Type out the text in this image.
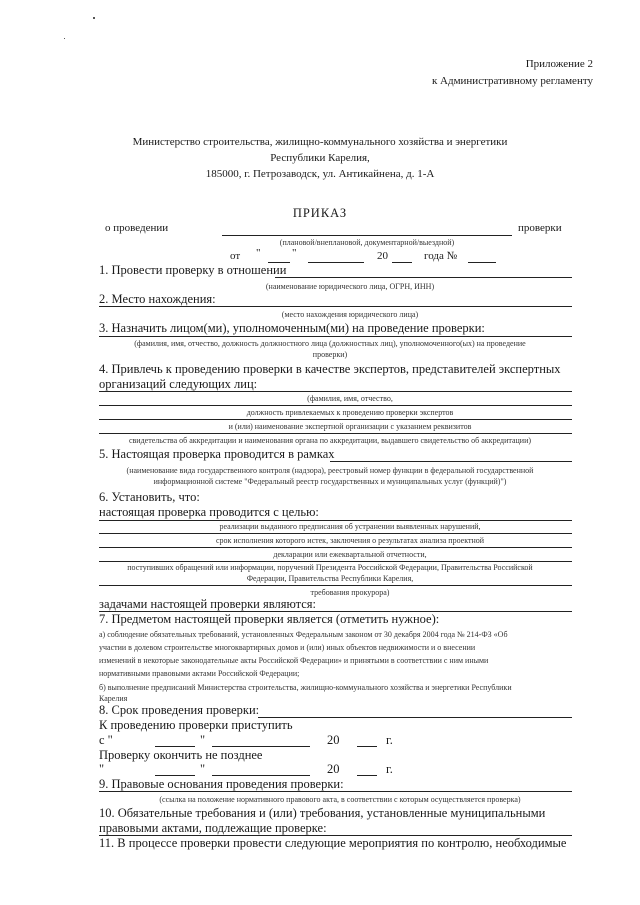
Приложение 2
к Административному регламенту
Министерство строительства, жилищно-коммунального хозяйства и энергетики
Республики Карелия,
185000, г. Петрозаводск, ул. Антикайнена, д. 1-А
ПРИКАЗ
о проведении	проверки
(плановой/внеплановой, документарной/выездной)
от "	"	20	года №
1. Провести проверку в отношении
(наименование юридического лица, ОГРН, ИНН)
2. Место нахождения:
(место нахождения юридического лица)
3. Назначить лицом(ми), уполномоченным(ми) на проведение проверки:
(фамилия, имя, отчество, должность должностного лица (должностных лиц), уполномоченного(ых) на проведение
проверки)
4. Привлечь к проведению проверки в качестве экспертов, представителей экспертных
организаций следующих лиц:
(фамилия, имя, отчество,
должность привлекаемых к проведению проверки экспертов
и (или) наименование экспертной организации с указанием реквизитов
свидетельства об аккредитации и наименования органа по аккредитации, выдавшего свидетельство об аккредитации)
5. Настоящая проверка проводится в рамках
(наименование вида государственного контроля (надзора), реестровый номер функции в федеральной государственной
информационной системе "Федеральный реестр государственных и муниципальных услуг (функций)")
6. Установить, что:
настоящая проверка проводится с целью:
реализации выданного предписания об устранении выявленных нарушений,
срок исполнения которого истек, заключения о результатах анализа проектной
декларации или ежеквартальной отчетности,
поступивших обращений или информации, поручений Президента Российской Федерации, Правительства Российской
Федерации, Правительства Республики Карелия,
требования прокурора)
задачами настоящей проверки являются:
7. Предметом настоящей проверки является (отметить нужное):
а) соблюдение обязательных требований, установленных Федеральным законом от 30 декабря 2004 года № 214-ФЗ «Об
участии в долевом строительстве многоквартирных домов и (или) иных объектов недвижимости и о внесении
изменений в некоторые законодательные акты Российской Федерации» и принятыми в соответствии с ним иными
нормативными правовыми актами Российской Федерации;
б) выполнение предписаний Министерства строительства, жилищно-коммунального хозяйства и энергетики Республики
Карелия
8. Срок проведения проверки:
К проведению проверки приступить
с "	"	20	г.
Проверку окончить не позднее
"	"	20	г.
9. Правовые основания проведения проверки:
(ссылка на положение нормативного правового акта, в соответствии с которым осуществляется проверка)
10. Обязательные требования и (или) требования, установленные муниципальными
правовыми актами, подлежащие проверке:
11. В процессе проверки провести следующие мероприятия по контролю, необходимые
